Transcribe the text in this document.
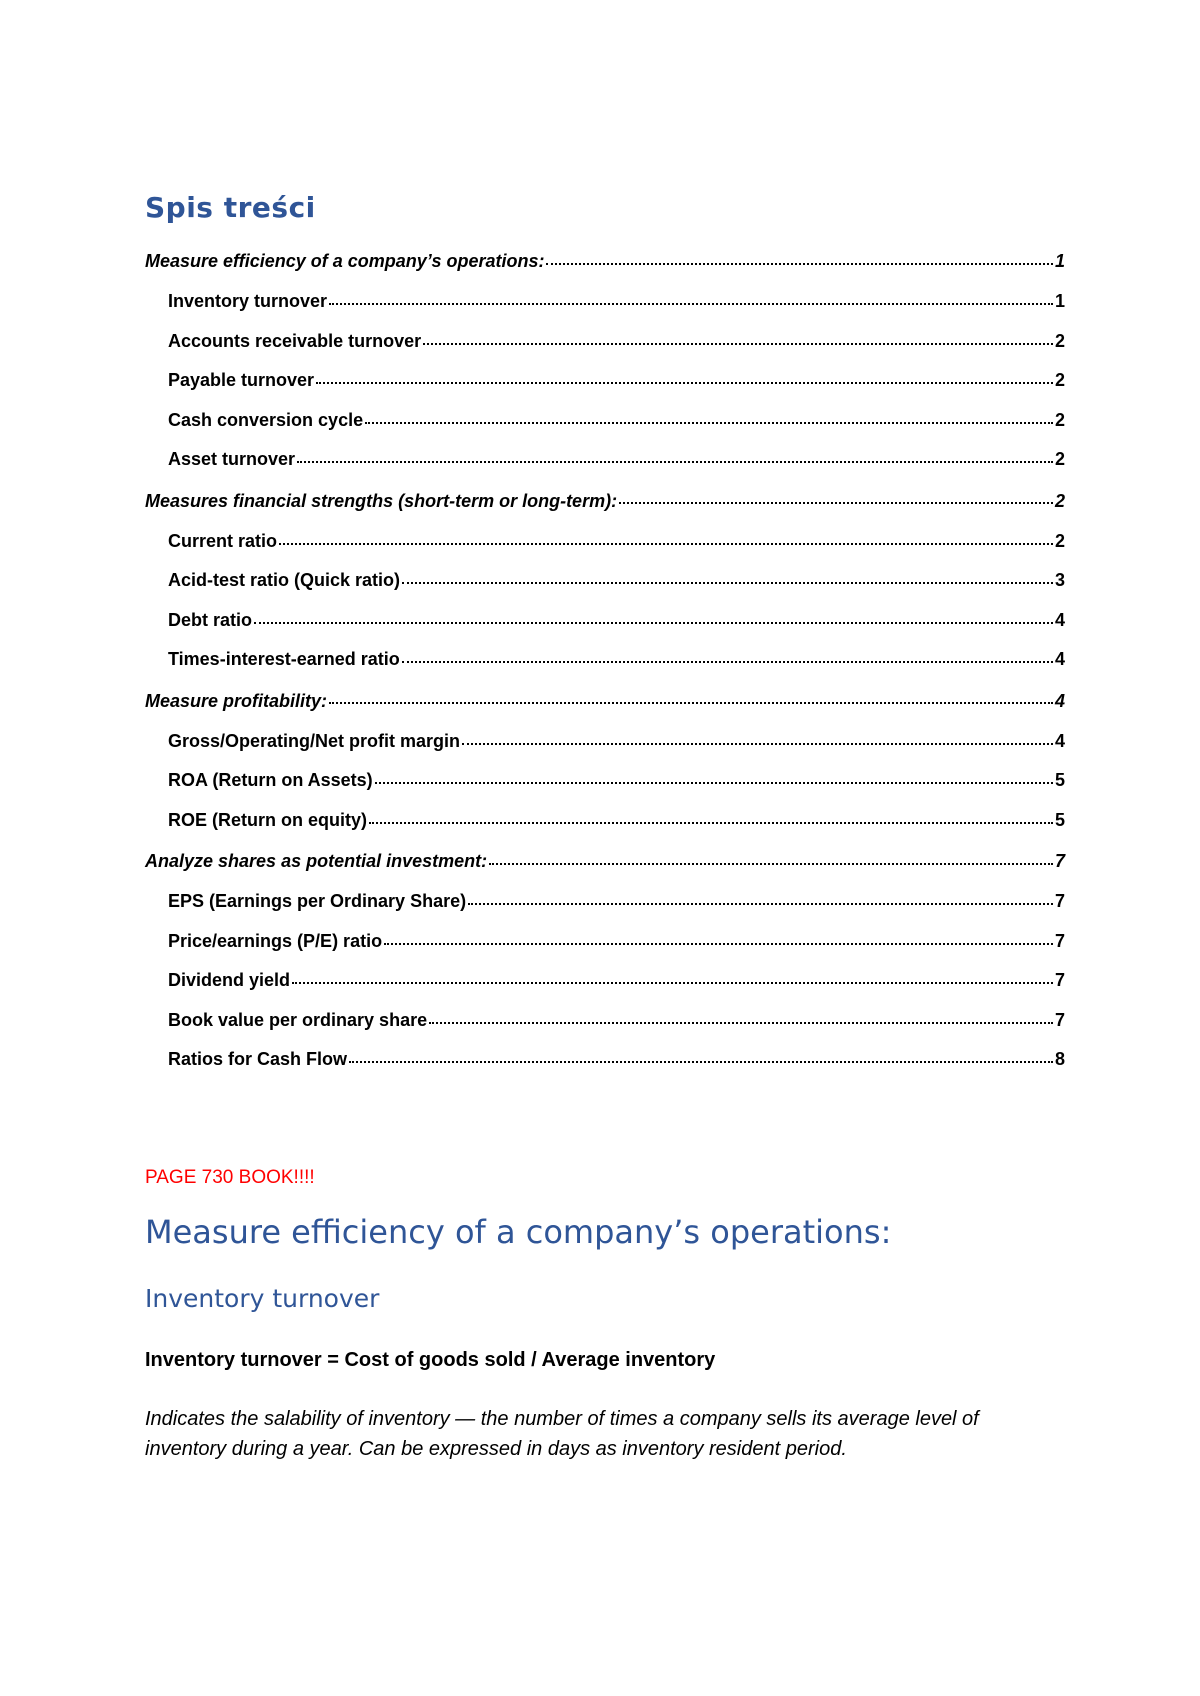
Spis treści
Measure efficiency of a company’s operations:	1
Inventory turnover	1
Accounts receivable turnover	2
Payable turnover	2
Cash conversion cycle	2
Asset turnover	2
Measures financial strengths (short-term or long-term):	2
Current ratio	2
Acid-test ratio (Quick ratio)	3
Debt ratio	4
Times-interest-earned ratio	4
Measure profitability:	4
Gross/Operating/Net profit margin	4
ROA (Return on Assets)	5
ROE (Return on equity)	5
Analyze shares as potential investment:	7
EPS (Earnings per Ordinary Share)	7
Price/earnings (P/E) ratio	7
Dividend yield	7
Book value per ordinary share	7
Ratios for Cash Flow	8

PAGE 730 BOOK!!!!

Measure efficiency of a company’s operations:
Inventory turnover

Inventory turnover = Cost of goods sold / Average inventory

Indicates the salability of inventory — the number of times a company sells its average level of inventory during a year. Can be expressed in days as inventory resident period.
